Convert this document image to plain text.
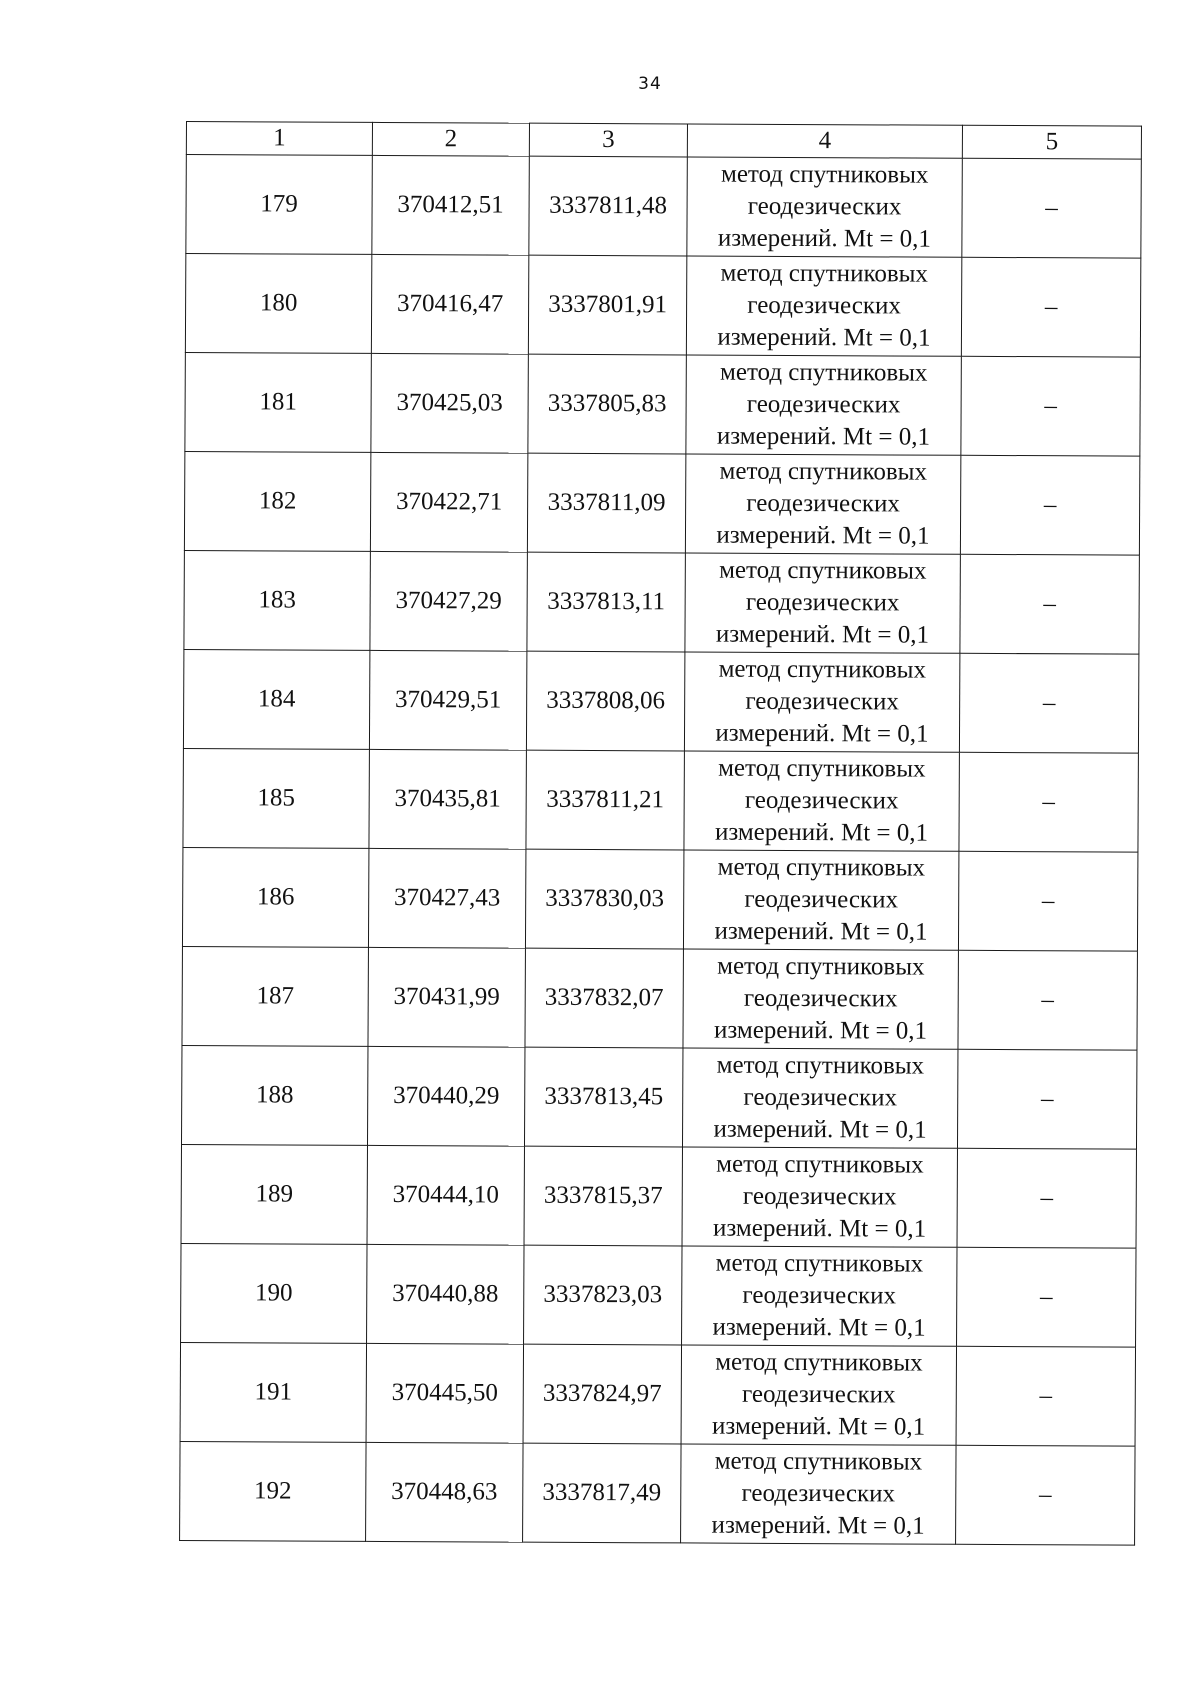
34
1	2	3	4	5
179	370412,51	3337811,48	метод спутниковых
геодезических
измерений. Mt = 0,1	–
180	370416,47	3337801,91	метод спутниковых
геодезических
измерений. Mt = 0,1	–
181	370425,03	3337805,83	метод спутниковых
геодезических
измерений. Mt = 0,1	–
182	370422,71	3337811,09	метод спутниковых
геодезических
измерений. Mt = 0,1	–
183	370427,29	3337813,11	метод спутниковых
геодезических
измерений. Mt = 0,1	–
184	370429,51	3337808,06	метод спутниковых
геодезических
измерений. Mt = 0,1	–
185	370435,81	3337811,21	метод спутниковых
геодезических
измерений. Mt = 0,1	–
186	370427,43	3337830,03	метод спутниковых
геодезических
измерений. Mt = 0,1	–
187	370431,99	3337832,07	метод спутниковых
геодезических
измерений. Mt = 0,1	–
188	370440,29	3337813,45	метод спутниковых
геодезических
измерений. Mt = 0,1	–
189	370444,10	3337815,37	метод спутниковых
геодезических
измерений. Mt = 0,1	–
190	370440,88	3337823,03	метод спутниковых
геодезических
измерений. Mt = 0,1	–
191	370445,50	3337824,97	метод спутниковых
геодезических
измерений. Mt = 0,1	–
192	370448,63	3337817,49	метод спутниковых
геодезических
измерений. Mt = 0,1	–
